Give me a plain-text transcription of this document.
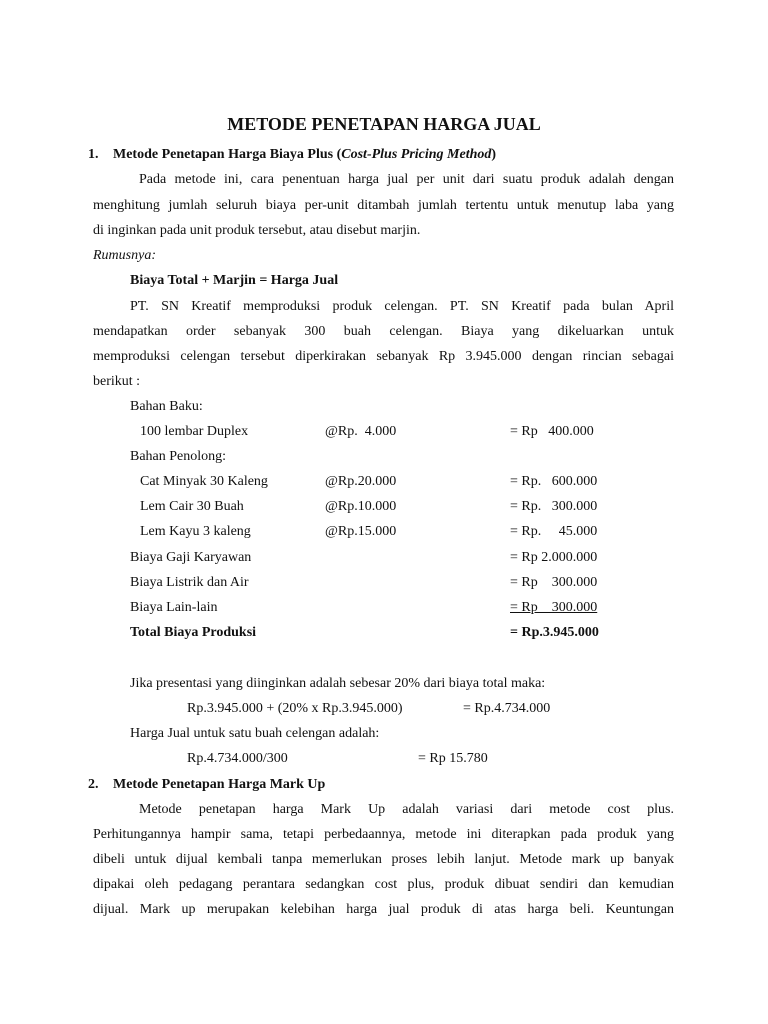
METODE PENETAPAN HARGA JUAL
1. Metode Penetapan Harga Biaya Plus (Cost-Plus Pricing Method)
Pada metode ini, cara penentuan harga jual per unit dari suatu produk adalah dengan
menghitung jumlah seluruh biaya per-unit ditambah jumlah tertentu untuk menutup laba yang
di inginkan pada unit produk tersebut, atau disebut marjin.
Rumusnya:
Biaya Total + Marjin = Harga Jual
PT. SN Kreatif memproduksi produk celengan. PT. SN Kreatif pada bulan April
mendapatkan order sebanyak 300 buah celengan. Biaya yang dikeluarkan untuk
memproduksi celengan tersebut diperkirakan sebanyak Rp 3.945.000 dengan rincian sebagai
berikut :
Bahan Baku:
100 lembar Duplex	@Rp.  4.000	= Rp   400.000
Bahan Penolong:
Cat Minyak 30 Kaleng	@Rp.20.000	= Rp.   600.000
Lem Cair 30 Buah	@Rp.10.000	= Rp.   300.000
Lem Kayu 3 kaleng	@Rp.15.000	= Rp.     45.000
Biaya Gaji Karyawan	= Rp 2.000.000
Biaya Listrik dan Air	= Rp    300.000
Biaya Lain-lain	= Rp    300.000
Total Biaya Produksi	= Rp.3.945.000
Jika presentasi yang diinginkan adalah sebesar 20% dari biaya total maka:
Rp.3.945.000 + (20% x Rp.3.945.000)	= Rp.4.734.000
Harga Jual untuk satu buah celengan adalah:
Rp.4.734.000/300	= Rp 15.780
2. Metode Penetapan Harga Mark Up
Metode penetapan harga Mark Up adalah variasi dari metode cost plus.
Perhitungannya hampir sama, tetapi perbedaannya, metode ini diterapkan pada produk yang
dibeli untuk dijual kembali tanpa memerlukan proses lebih lanjut. Metode mark up banyak
dipakai oleh pedagang perantara sedangkan cost plus, produk dibuat sendiri dan kemudian
dijual. Mark up merupakan kelebihan harga jual produk di atas harga beli. Keuntungan
